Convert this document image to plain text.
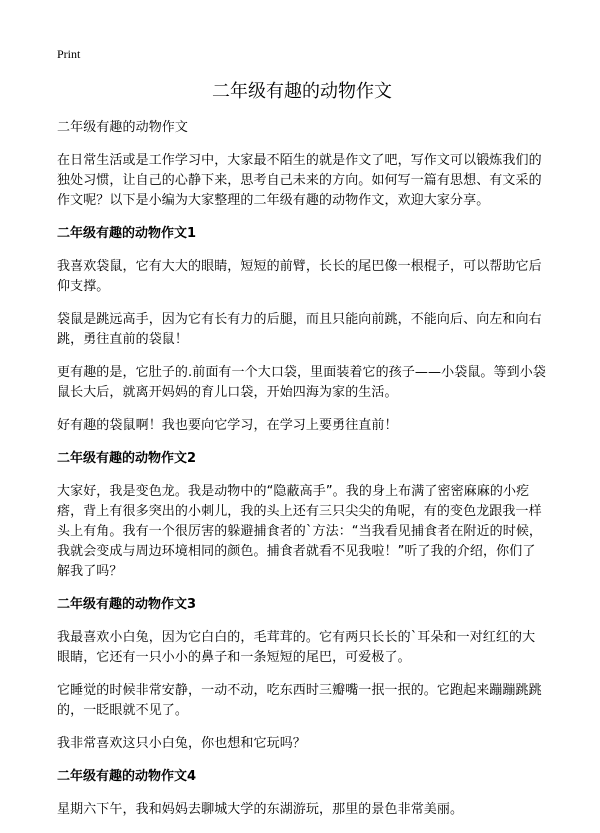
Print
二年级有趣的动物作文

二年级有趣的动物作文

在日常生活或是工作学习中，大家最不陌生的就是作文了吧，写作文可以锻炼我们的独处习惯，让自己的心静下来，思考自己未来的方向。如何写一篇有思想、有文采的作文呢？以下是小编为大家整理的二年级有趣的动物作文，欢迎大家分享。

二年级有趣的动物作文1

我喜欢袋鼠，它有大大的眼睛，短短的前臂，长长的尾巴像一根棍子，可以帮助它后仰支撑。

袋鼠是跳远高手，因为它有长有力的后腿，而且只能向前跳，不能向后、向左和向右跳，勇往直前的袋鼠！

更有趣的是，它肚子的.前面有一个大口袋，里面装着它的孩子——小袋鼠。等到小袋鼠长大后，就离开妈妈的育儿口袋，开始四海为家的生活。

好有趣的袋鼠啊！我也要向它学习，在学习上要勇往直前！

二年级有趣的动物作文2

大家好，我是变色龙。我是动物中的“隐蔽高手”。我的身上布满了密密麻麻的小疙瘩，背上有很多突出的小刺儿，我的头上还有三只尖尖的角呢，有的变色龙跟我一样头上有角。我有一个很厉害的躲避捕食者的`方法：“当我看见捕食者在附近的时候，我就会变成与周边环境相同的颜色。捕食者就看不见我啦！”听了我的介绍，你们了解我了吗？

二年级有趣的动物作文3

我最喜欢小白兔，因为它白白的，毛茸茸的。它有两只长长的`耳朵和一对红红的大眼睛，它还有一只小小的鼻子和一条短短的尾巴，可爱极了。

它睡觉的时候非常安静，一动不动，吃东西时三瓣嘴一抿一抿的。它跑起来蹦蹦跳跳的，一眨眼就不见了。

我非常喜欢这只小白兔，你也想和它玩吗？

二年级有趣的动物作文4

星期六下午，我和妈妈去聊城大学的东湖游玩，那里的景色非常美丽。
